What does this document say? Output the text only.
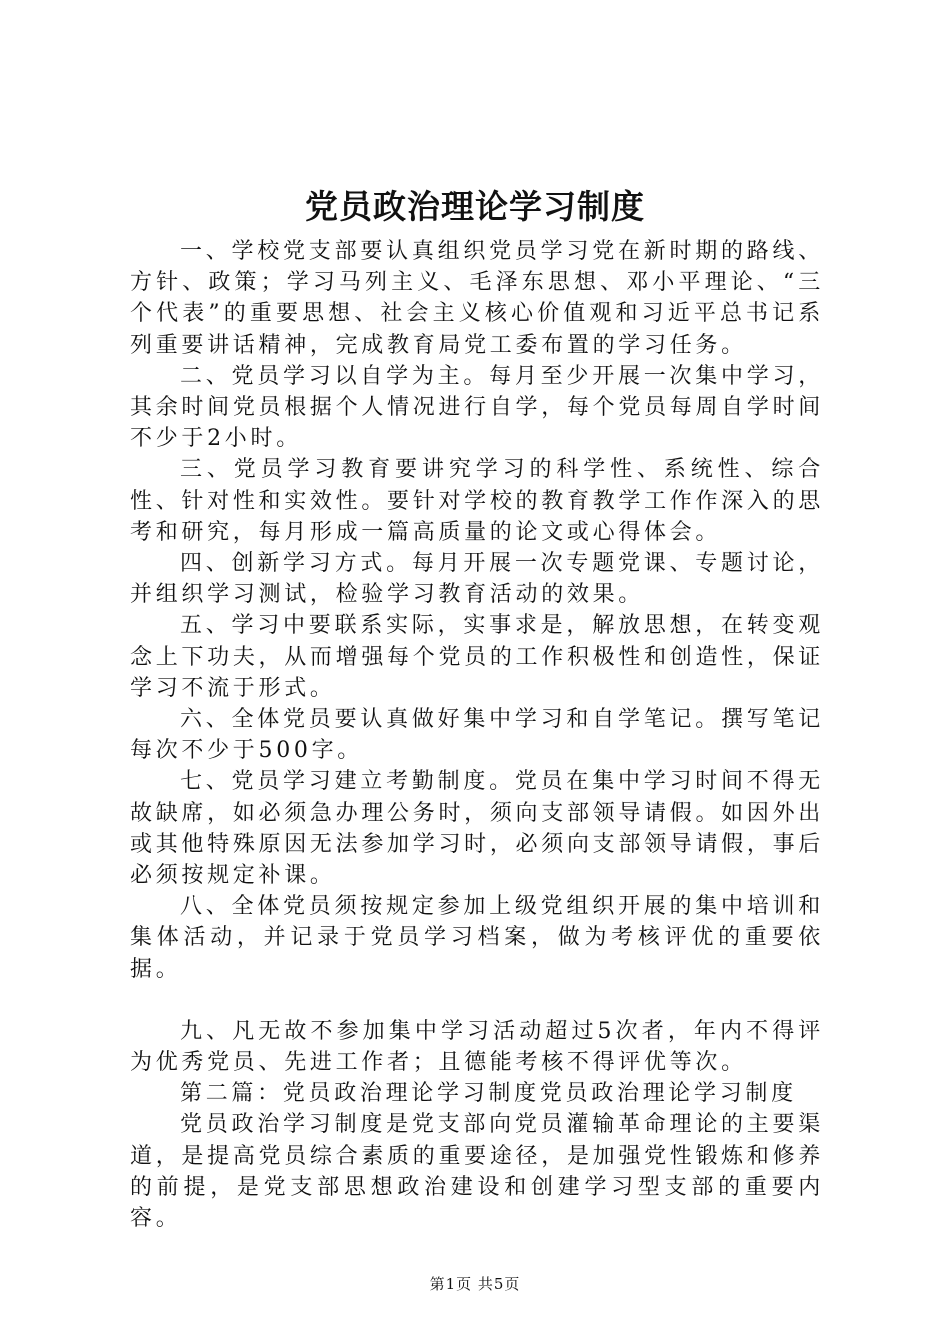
党员政治理论学习制度

一、学校党支部要认真组织党员学习党在新时期的路线、方针、政策；学习马列主义、毛泽东思想、邓小平理论、“三个代表”的重要思想、社会主义核心价值观和习近平总书记系列重要讲话精神，完成教育局党工委布置的学习任务。

二、党员学习以自学为主。每月至少开展一次集中学习，其余时间党员根据个人情况进行自学，每个党员每周自学时间不少于2小时。

三、党员学习教育要讲究学习的科学性、系统性、综合性、针对性和实效性。要针对学校的教育教学工作作深入的思考和研究，每月形成一篇高质量的论文或心得体会。

四、创新学习方式。每月开展一次专题党课、专题讨论，并组织学习测试，检验学习教育活动的效果。

五、学习中要联系实际，实事求是，解放思想，在转变观念上下功夫，从而增强每个党员的工作积极性和创造性，保证学习不流于形式。

六、全体党员要认真做好集中学习和自学笔记。撰写笔记每次不少于500字。

七、党员学习建立考勤制度。党员在集中学习时间不得无故缺席，如必须急办理公务时，须向支部领导请假。如因外出或其他特殊原因无法参加学习时，必须向支部领导请假，事后必须按规定补课。

八、全体党员须按规定参加上级党组织开展的集中培训和集体活动，并记录于党员学习档案，做为考核评优的重要依据。

九、凡无故不参加集中学习活动超过5次者，年内不得评为优秀党员、先进工作者；且德能考核不得评优等次。

第二篇：党员政治理论学习制度党员政治理论学习制度

党员政治学习制度是党支部向党员灌输革命理论的主要渠道，是提高党员综合素质的重要途径，是加强党性锻炼和修养的前提，是党支部思想政治建设和创建学习型支部的重要内容。

第1页 共5页
